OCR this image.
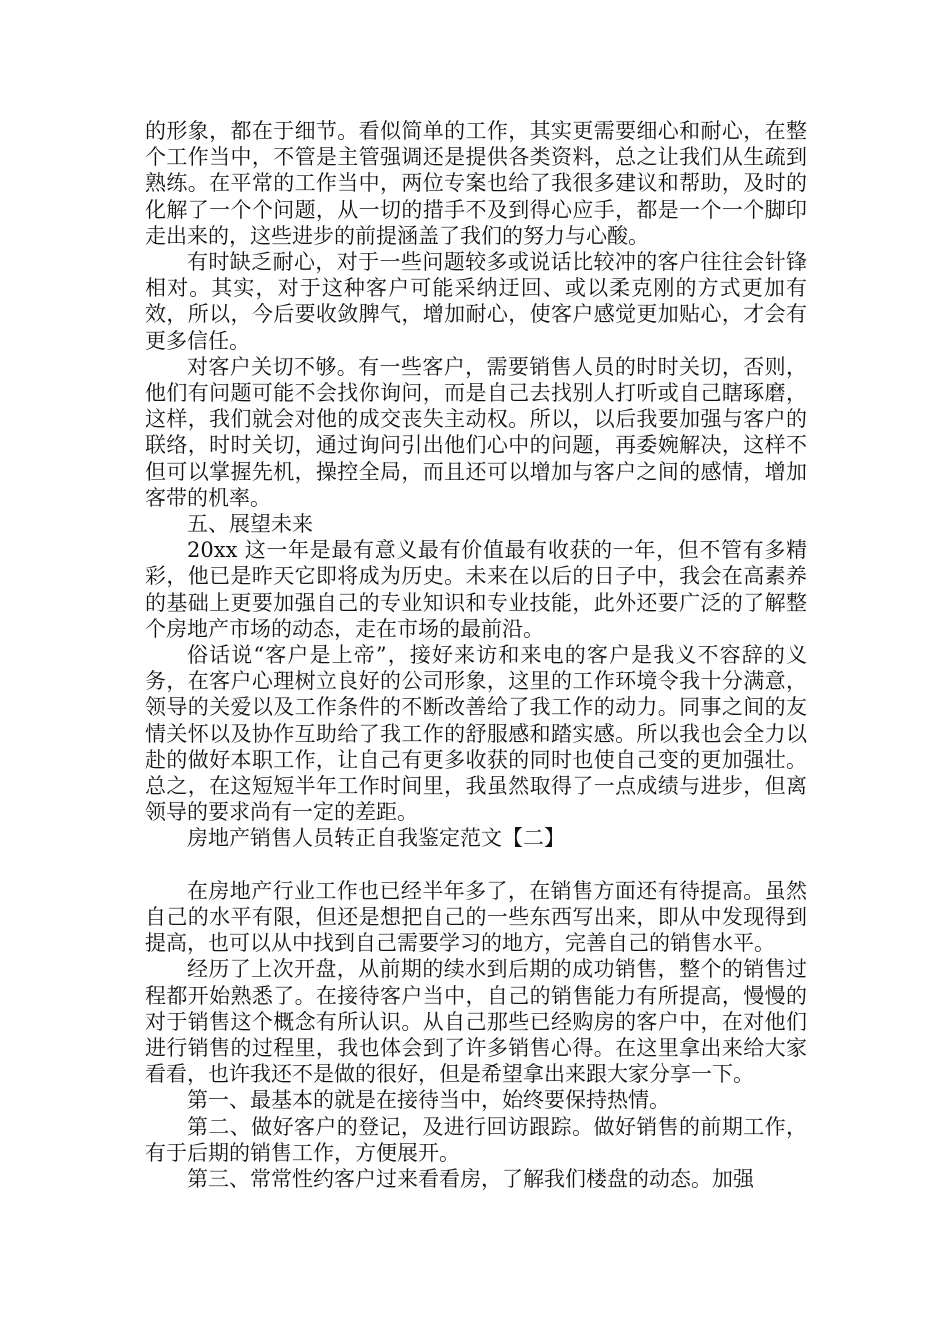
的形象，都在于细节。看似简单的工作，其实更需要细心和耐心，在整个工作当中，不管是主管强调还是提供各类资料，总之让我们从生疏到熟练。在平常的工作当中，两位专案也给了我很多建议和帮助，及时的化解了一个个问题，从一切的措手不及到得心应手，都是一个一个脚印走出来的，这些进步的前提涵盖了我们的努力与心酸。

有时缺乏耐心，对于一些问题较多或说话比较冲的客户往往会针锋相对。其实，对于这种客户可能采纳迂回、或以柔克刚的方式更加有效，所以，今后要收敛脾气，增加耐心，使客户感觉更加贴心，才会有更多信任。

对客户关切不够。有一些客户，需要销售人员的时时关切，否则，他们有问题可能不会找你询问，而是自己去找别人打听或自己瞎琢磨，这样，我们就会对他的成交丧失主动权。所以，以后我要加强与客户的联络，时时关切，通过询问引出他们心中的问题，再委婉解决，这样不但可以掌握先机，操控全局，而且还可以增加与客户之间的感情，增加客带的机率。

五、展望未来

20xx 这一年是最有意义最有价值最有收获的一年，但不管有多精彩，他已是昨天它即将成为历史。未来在以后的日子中，我会在高素养的基础上更要加强自己的专业知识和专业技能，此外还要广泛的了解整个房地产市场的动态，走在市场的最前沿。

俗话说“客户是上帝”，接好来访和来电的客户是我义不容辞的义务，在客户心理树立良好的公司形象，这里的工作环境令我十分满意，领导的关爱以及工作条件的不断改善给了我工作的动力。同事之间的友情关怀以及协作互助给了我工作的舒服感和踏实感。所以我也会全力以赴的做好本职工作，让自己有更多收获的同时也使自己变的更加强壮。总之，在这短短半年工作时间里，我虽然取得了一点成绩与进步，但离领导的要求尚有一定的差距。

房地产销售人员转正自我鉴定范文【二】

在房地产行业工作也已经半年多了，在销售方面还有待提高。虽然自己的水平有限，但还是想把自己的一些东西写出来，即从中发现得到提高，也可以从中找到自己需要学习的地方，完善自己的销售水平。

经历了上次开盘，从前期的续水到后期的成功销售，整个的销售过程都开始熟悉了。在接待客户当中，自己的销售能力有所提高，慢慢的对于销售这个概念有所认识。从自己那些已经购房的客户中，在对他们进行销售的过程里，我也体会到了许多销售心得。在这里拿出来给大家看看，也许我还不是做的很好，但是希望拿出来跟大家分享一下。

第一、最基本的就是在接待当中，始终要保持热情。

第二、做好客户的登记，及进行回访跟踪。做好销售的前期工作，有于后期的销售工作，方便展开。

第三、常常性约客户过来看看房，了解我们楼盘的动态。加强
